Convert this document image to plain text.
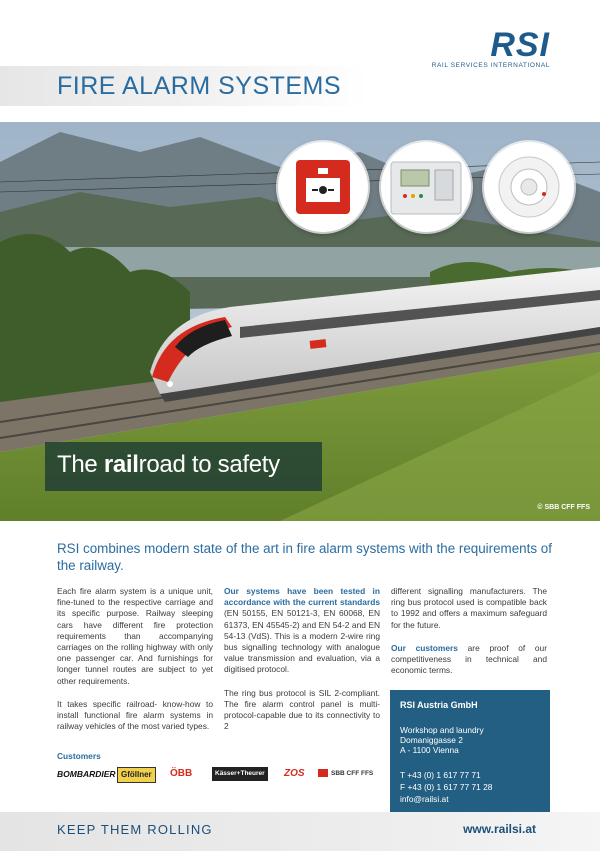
RSI
RAIL SERVICES INTERNATIONAL
FIRE ALARM SYSTEMS
The railroad to safety
© SBB CFF FFS
RSI combines modern state of the art in fire alarm systems with the requirements of the railway.

Each fire alarm system is a unique unit, fine-tuned to the respective carriage and its specific purpose. Railway sleeping cars have different fire protection requirements than accompanying carriages on the rolling highway with only one passenger car. And furnishings for longer tunnel routes are subject to yet other requirements.

It takes specific railroad- know-how to install functional fire alarm systems in railway vehicles of the most varied types.

Our systems have been tested in accordance with the current standards (EN 50155, EN 50121-3, EN 60068, EN 61373, EN 45545-2) and EN 54-2 and EN 54-13 (VdS). This is a modern 2-wire ring bus signalling technology with analogue value transmission and evaluation, via a digitised protocol.

The ring bus protocol is SIL 2-compliant. The fire alarm control panel is multi-protocol-capable due to its connectivity to 2

different signalling manufacturers. The ring bus protocol used is compatible back to 1992 and offers a maximum safeguard for the future.

Our customers are proof of our competitiveness in technical and economic terms.

RSI Austria GmbH
Workshop and laundry
Domaniggasse 2
A - 1100 Vienna
T +43 (0) 1 617 77 71
F +43 (0) 1 617 77 71 28
info@railsi.at
Customers
BOMBARDIER Gföllner	ÖBB	Kässer+Theurer	ZOS	SBB CFF FFS
KEEP THEM ROLLING	www.railsi.at
